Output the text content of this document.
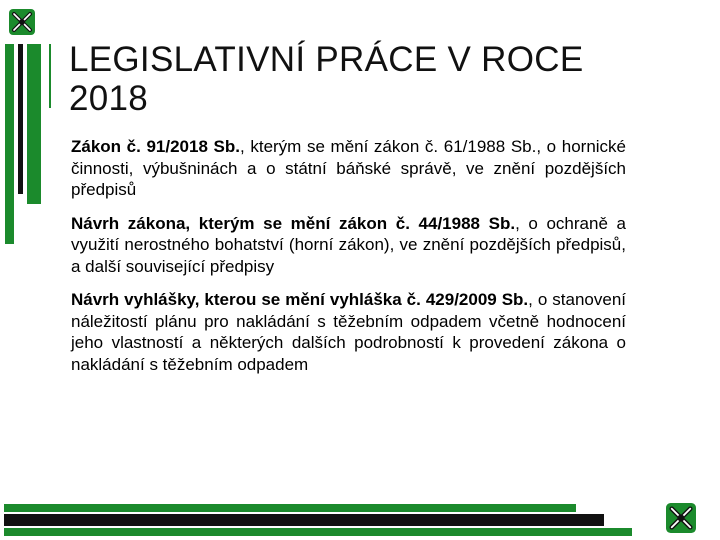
LEGISLATIVNÍ PRÁCE V ROCE 2018

Zákon č. 91/2018 Sb., kterým se mění zákon č. 61/1988 Sb., o hornické činnosti, výbušninách a o státní báňské správě, ve znění pozdějších předpisů

Návrh zákona, kterým se mění zákon č. 44/1988 Sb., o ochraně a využití nerostného bohatství (horní zákon), ve znění pozdějších předpisů, a další související předpisy

Návrh vyhlášky, kterou se mění vyhláška č. 429/2009 Sb., o stanovení náležitostí plánu pro nakládání s těžebním odpadem včetně hodnocení jeho vlastností a některých dalších podrobností k provedení zákona o nakládání s těžebním odpadem
